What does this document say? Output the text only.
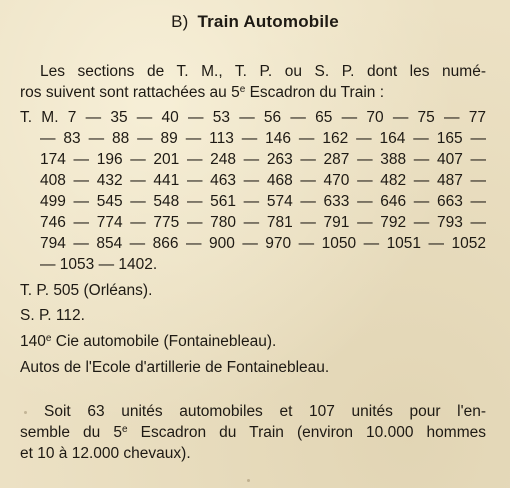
B) Train Automobile
Les sections de T. M., T. P. ou S. P. dont les numé-
ros suivent sont rattachées au 5e Escadron du Train :
T. M. 7 — 35 — 40 — 53 — 56 — 65 — 70 — 75 — 77
— 83 — 88 — 89 — 113 — 146 — 162 — 164 — 165 —
174 — 196 — 201 — 248 — 263 — 287 — 388 — 407 —
408 — 432 — 441 — 463 — 468 — 470 — 482 — 487 —
499 — 545 — 548 — 561 — 574 — 633 — 646 — 663 —
746 — 774 — 775 — 780 — 781 — 791 — 792 — 793 —
794 — 854 — 866 — 900 — 970 — 1050 — 1051 — 1052
— 1053 — 1402.
T. P. 505 (Orléans).
S. P. 112.
140e Cie automobile (Fontainebleau).
Autos de l'Ecole d'artillerie de Fontainebleau.
Soit 63 unités automobiles et 107 unités pour l'en-
semble du 5e Escadron du Train (environ 10.000 hommes
et 10 à 12.000 chevaux).
